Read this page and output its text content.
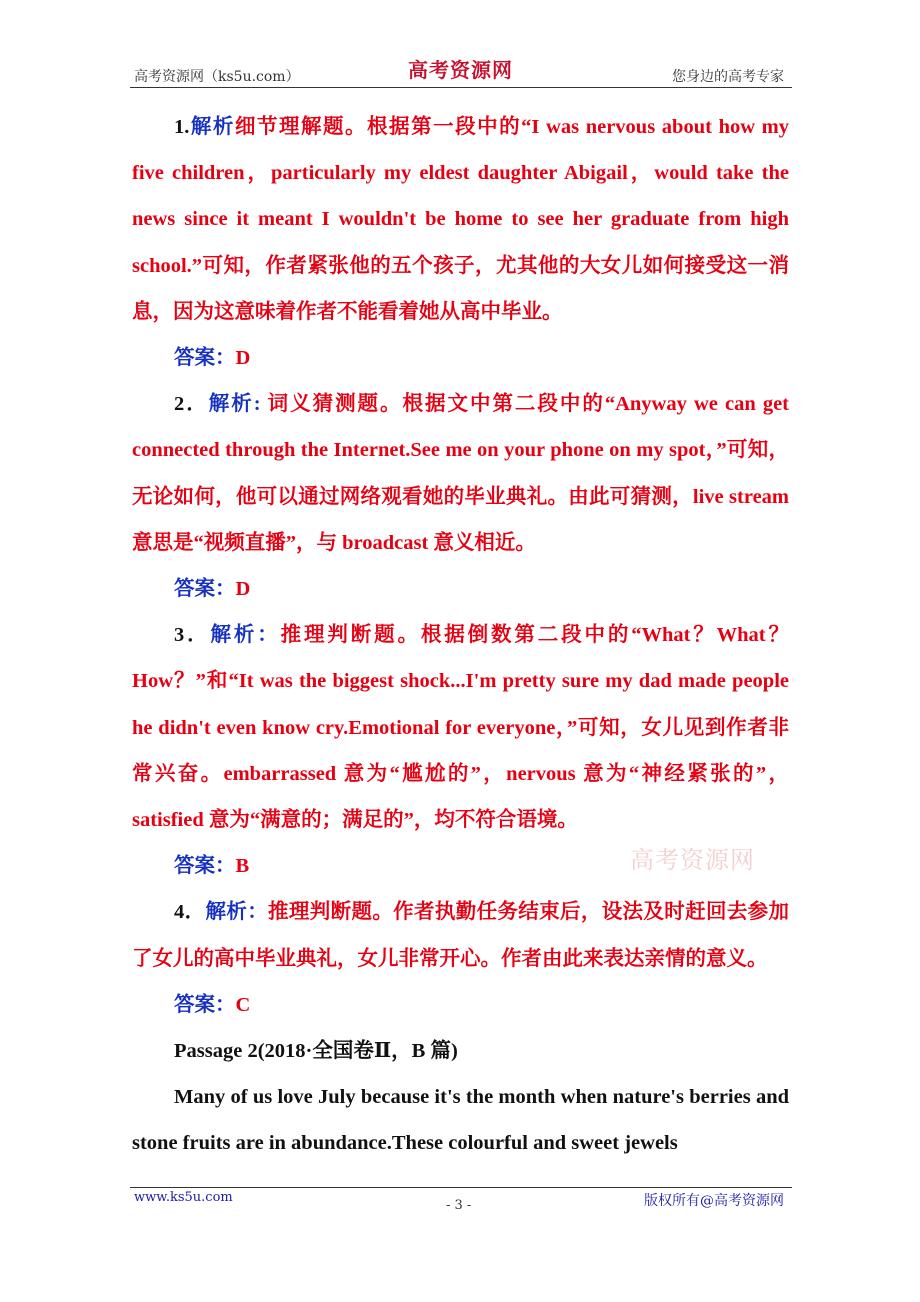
高考资源网（ks5u.com）	高考资源网	您身边的高考专家

1.解析细节理解题。根据第一段中的“I was nervous about how my five children，particularly my eldest daughter Abigail，would take the news since it meant I wouldn't be home to see her graduate from high school.”可知，作者紧张他的五个孩子，尤其他的大女儿如何接受这一消息，因为这意味着作者不能看着她从高中毕业。

答案：D

2．解析: 词义猜测题。根据文中第二段中的“Anyway we can get connected through the Internet.See me on your phone on my spot，”可知，无论如何，他可以通过网络观看她的毕业典礼。由此可猜测，live stream 意思是“视频直播”，与 broadcast 意义相近。

答案：D

3．解析：推理判断题。根据倒数第二段中的“What？What？How？”和“It was the biggest shock...I'm pretty sure my dad made people he didn't even know cry.Emotional for everyone，”可知，女儿见到作者非常兴奋。embarrassed 意为“尴尬的”，nervous 意为“神经紧张的”，satisfied 意为“满意的；满足的”，均不符合语境。

答案：B

4．解析：推理判断题。作者执勤任务结束后，设法及时赶回去参加了女儿的高中毕业典礼，女儿非常开心。作者由此来表达亲情的意义。

答案：C

Passage 2(2018·全国卷Ⅱ，B 篇)

Many of us love July because it's the month when nature's berries and stone fruits are in abundance.These colourful and sweet jewels

高考资源网
www.ks5u.com
- 3 -	版权所有@高考资源网
